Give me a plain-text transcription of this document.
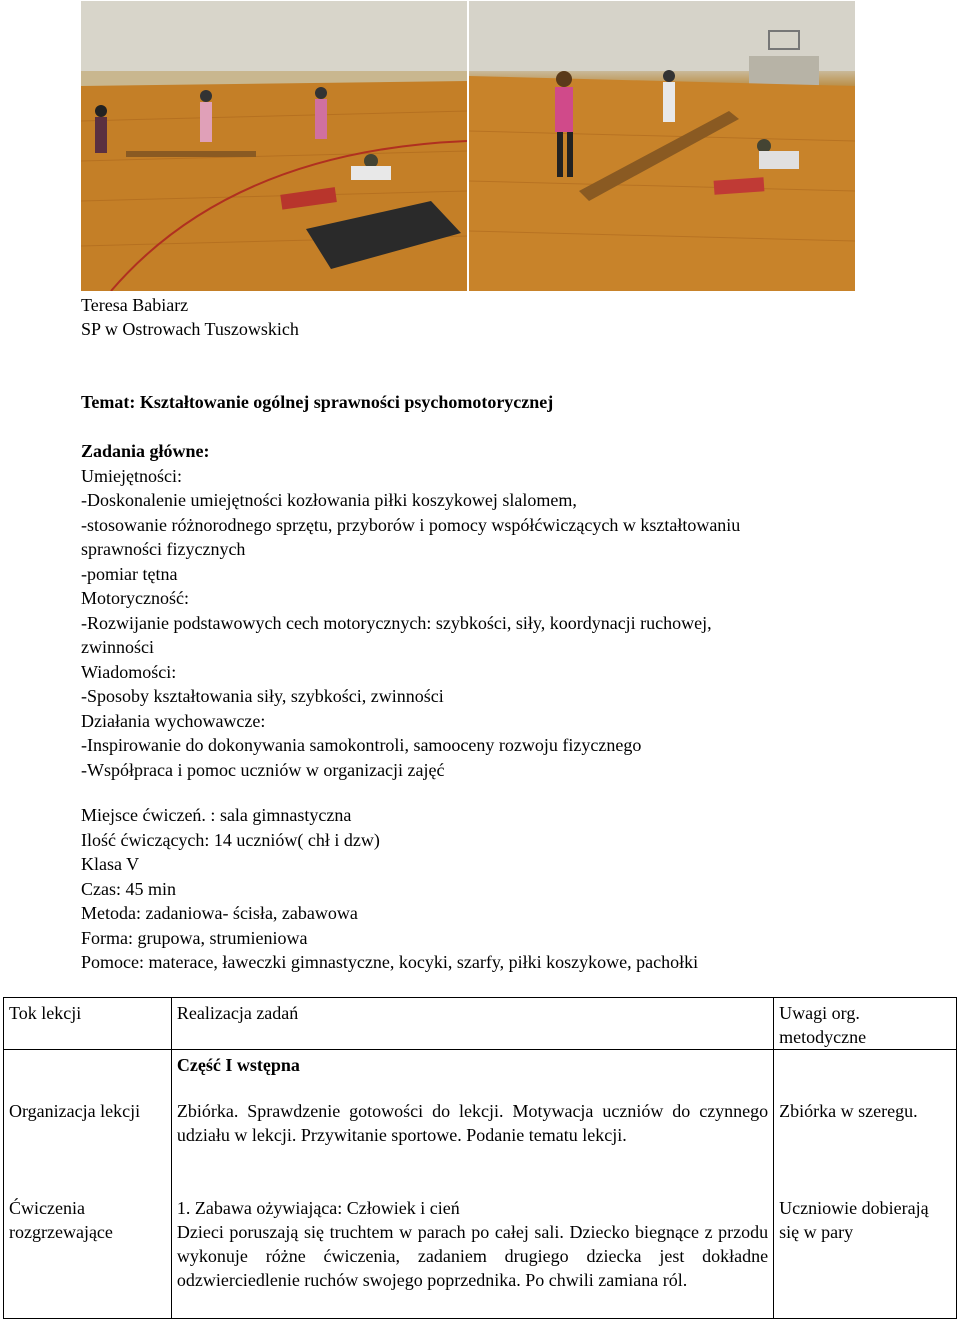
Teresa Babiarz
SP w Ostrowach Tuszowskich
Temat: Kształtowanie ogólnej sprawności psychomotorycznej
Zadania główne:
Umiejętności:
-Doskonalenie umiejętności kozłowania piłki koszykowej slalomem,
-stosowanie różnorodnego sprzętu, przyborów i pomocy współćwiczących w kształtowaniu
sprawności fizycznych
-pomiar tętna
Motoryczność:
-Rozwijanie podstawowych cech motorycznych: szybkości, siły, koordynacji ruchowej,
zwinności
Wiadomości:
-Sposoby kształtowania siły, szybkości, zwinności
Działania wychowawcze:
-Inspirowanie do dokonywania samokontroli, samooceny rozwoju fizycznego
-Współpraca i pomoc uczniów w organizacji zajęć
Miejsce ćwiczeń. : sala gimnastyczna
Ilość ćwiczących: 14 uczniów( chł i dzw)
Klasa V
Czas: 45 min
Metoda: zadaniowa- ścisła, zabawowa
Forma: grupowa, strumieniowa
Pomoce: materace, ławeczki gimnastyczne, kocyki, szarfy, piłki koszykowe, pachołki
Tok lekcji	Realizacja zadań	Uwagi org. metodyczne
	Część I wstępna	
Organizacja lekcji	Zbiórka. Sprawdzenie gotowości do lekcji. Motywacja uczniów do czynnego udziału w lekcji. Przywitanie sportowe. Podanie tematu lekcji.	Zbiórka w szeregu.
Ćwiczenia rozgrzewające	1. Zabawa ożywiająca: Człowiek i cień
Dzieci poruszają się truchtem w parach po całej sali. Dziecko biegnące z przodu wykonuje różne ćwiczenia, zadaniem drugiego dziecka jest dokładne odzwierciedlenie ruchów swojego poprzednika. Po chwili zamiana ról.	Uczniowie dobierają się w pary
